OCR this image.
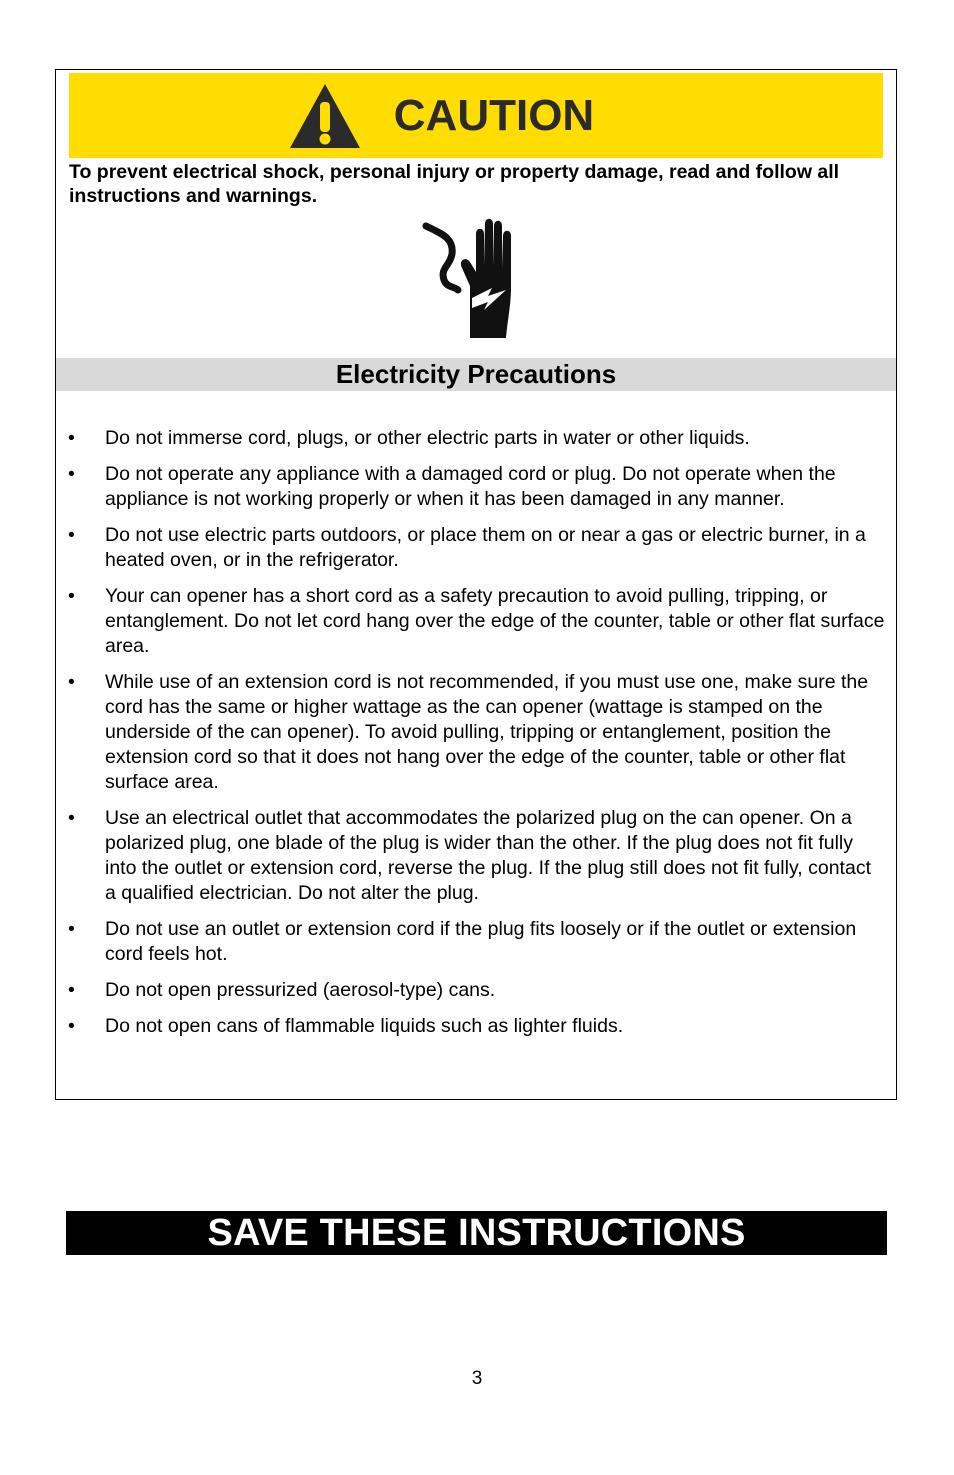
CAUTION
To prevent electrical shock, personal injury or property damage, read and follow all instructions and warnings.
Electricity Precautions
•	Do not immerse cord, plugs, or other electric parts in water or other liquids.
•	Do not operate any appliance with a damaged cord or plug. Do not operate when the appliance is not working properly or when it has been damaged in any manner.
•	Do not use electric parts outdoors, or place them on or near a gas or electric burner, in a heated oven, or in the refrigerator.
•	Your can opener has a short cord as a safety precaution to avoid pulling, tripping, or entanglement. Do not let cord hang over the edge of the counter, table or other flat surface area.
•	While use of an extension cord is not recommended, if you must use one, make sure the cord has the same or higher wattage as the can opener (wattage is stamped on the underside of the can opener). To avoid pulling, tripping or entanglement, position the extension cord so that it does not hang over the edge of the counter, table or other flat surface area.
•	Use an electrical outlet that accommodates the polarized plug on the can opener. On a polarized plug, one blade of the plug is wider than the other. If the plug does not fit fully into the outlet or extension cord, reverse the plug. If the plug still does not fit fully, contact a qualified electrician. Do not alter the plug.
•	Do not use an outlet or extension cord if the plug fits loosely or if the outlet or extension cord feels hot.
•	Do not open pressurized (aerosol-type) cans.
•	Do not open cans of flammable liquids such as lighter fluids.
SAVE THESE INSTRUCTIONS
3
